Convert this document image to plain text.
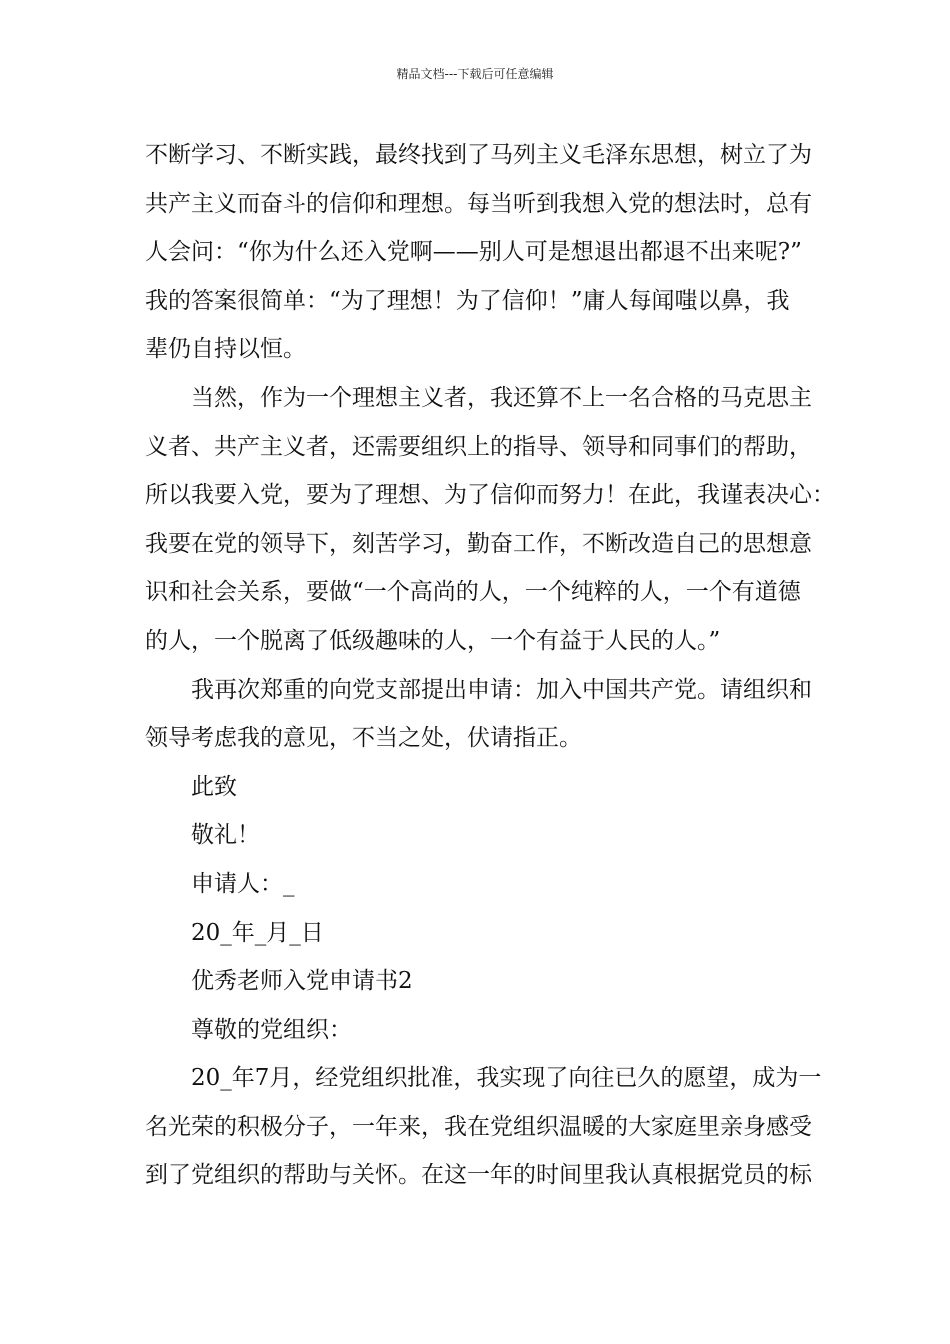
精品文档---下载后可任意编辑
不断学习、不断实践，最终找到了马列主义毛泽东思想，树立了为
共产主义而奋斗的信仰和理想。每当听到我想入党的想法时，总有
人会问：“你为什么还入党啊——别人可是想退出都退不出来呢?”
我的答案很简单：“为了理想！为了信仰！”庸人每闻嗤以鼻，我
辈仍自持以恒。
当然，作为一个理想主义者，我还算不上一名合格的马克思主
义者、共产主义者，还需要组织上的指导、领导和同事们的帮助，
所以我要入党，要为了理想、为了信仰而努力！在此，我谨表决心：
我要在党的领导下，刻苦学习，勤奋工作，不断改造自己的思想意
识和社会关系，要做“一个高尚的人，一个纯粹的人，一个有道德
的人，一个脱离了低级趣味的人，一个有益于人民的人。”
我再次郑重的向党支部提出申请：加入中国共产党。请组织和
领导考虑我的意见，不当之处，伏请指正。
此致
敬礼！
申请人：_
20_年_月_日
优秀老师入党申请书2
尊敬的党组织：
20_年7月，经党组织批准，我实现了向往已久的愿望，成为一
名光荣的积极分子，一年来，我在党组织温暖的大家庭里亲身感受
到了党组织的帮助与关怀。在这一年的时间里我认真根据党员的标
